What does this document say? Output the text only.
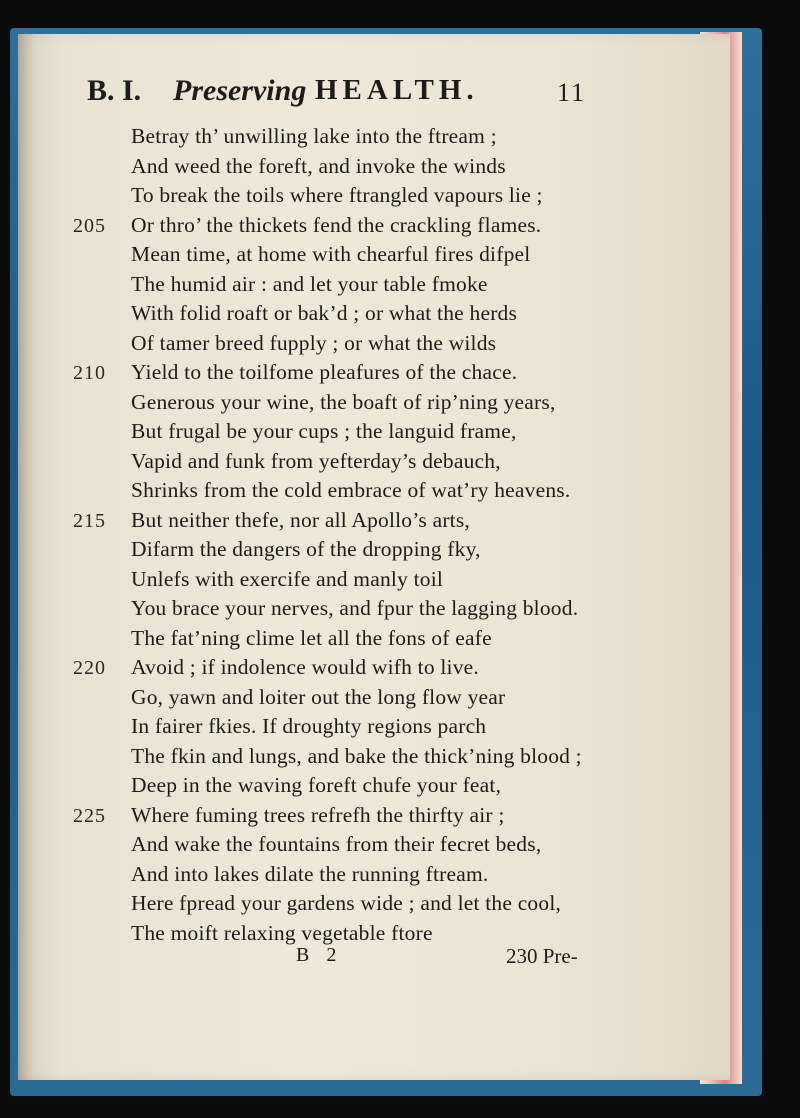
B. I. Preserving HEALTH.	11
Betray th’ unwilling lake into the ftream ;
And weed the foreft, and invoke the winds
To break the toils where ftrangled vapours lie ;
205 Or thro’ the thickets fend the crackling flames.
Mean time, at home with chearful fires difpel
The humid air : and let your table fmoke
With folid roaft or bak’d ; or what the herds
Of tamer breed fupply ; or what the wilds
210 Yield to the toilfome pleafures of the chace.
Generous your wine, the boaft of rip’ning years,
But frugal be your cups ; the languid frame,
Vapid and funk from yefterday’s debauch,
Shrinks from the cold embrace of wat’ry heavens.
215 But neither thefe, nor all Apollo’s arts,
Difarm the dangers of the dropping fky,
Unlefs with exercife and manly toil
You brace your nerves, and fpur the lagging blood.
The fat’ning clime let all the fons of eafe
220 Avoid ; if indolence would wifh to live.
Go, yawn and loiter out the long flow year
In fairer fkies. If droughty regions parch
The fkin and lungs, and bake the thick’ning blood ;
Deep in the waving foreft chufe your feat,
225 Where fuming trees refrefh the thirfty air ;
And wake the fountains from their fecret beds,
And into lakes dilate the running ftream.
Here fpread your gardens wide ; and let the cool,
The moift relaxing vegetable ftore
B 2	230 Pre-
